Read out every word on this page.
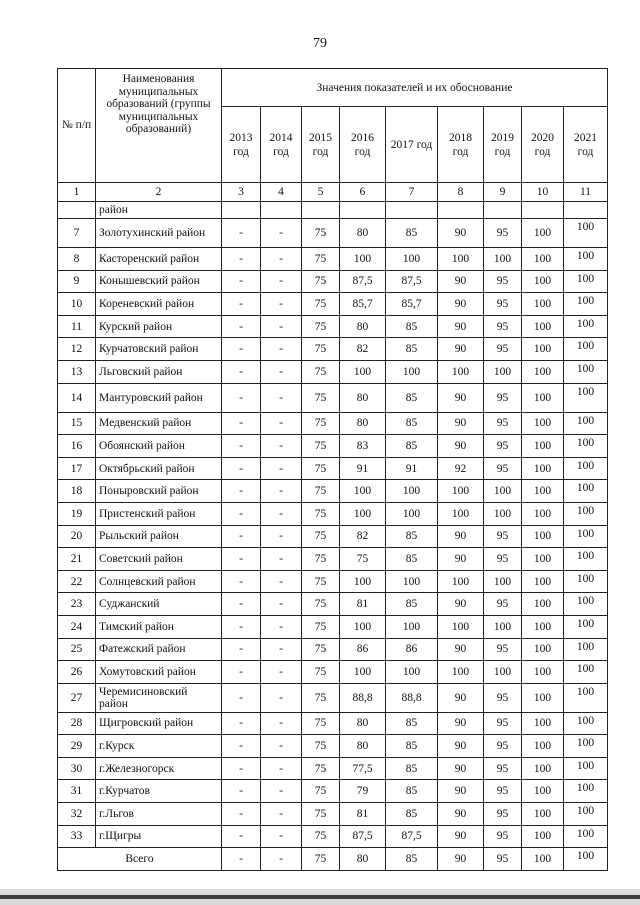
79
№ п/п	Наименования муниципальных образований (группы муниципальных образований)	Значения показателей и их обоснование								
		2013 год	2014 год	2015 год	2016 год	2017 год	2018 год	2019 год	2020 год	2021 год
1	2	3	4	5	6	7	8	9	10	11
	район									
7	Золотухинский район	-	-	75	80	85	90	95	100	100
8	Касторенский район	-	-	75	100	100	100	100	100	100
9	Конышевский район	-	-	75	87,5	87,5	90	95	100	100
10	Кореневский район	-	-	75	85,7	85,7	90	95	100	100
11	Курский район	-	-	75	80	85	90	95	100	100
12	Курчатовский район	-	-	75	82	85	90	95	100	100
13	Льговский район	-	-	75	100	100	100	100	100	100
14	Мантуровский район	-	-	75	80	85	90	95	100	100
15	Медвенский район	-	-	75	80	85	90	95	100	100
16	Обоянский район	-	-	75	83	85	90	95	100	100
17	Октябрьский район	-	-	75	91	91	92	95	100	100
18	Поныровский район	-	-	75	100	100	100	100	100	100
19	Пристенский район	-	-	75	100	100	100	100	100	100
20	Рыльский район	-	-	75	82	85	90	95	100	100
21	Советский район	-	-	75	75	85	90	95	100	100
22	Солнцевский район	-	-	75	100	100	100	100	100	100
23	Суджанский	-	-	75	81	85	90	95	100	100
24	Тимский район	-	-	75	100	100	100	100	100	100
25	Фатежский район	-	-	75	86	86	90	95	100	100
26	Хомутовский район	-	-	75	100	100	100	100	100	100
27	Черемисиновский район	-	-	75	88,8	88,8	90	95	100	100
28	Щигровский район	-	-	75	80	85	90	95	100	100
29	г.Курск	-	-	75	80	85	90	95	100	100
30	г.Железногорск	-	-	75	77,5	85	90	95	100	100
31	г.Курчатов	-	-	75	79	85	90	95	100	100
32	г.Льгов	-	-	75	81	85	90	95	100	100
33	г.Щигры	-	-	75	87,5	87,5	90	95	100	100
Всего		-	-	75	80	85	90	95	100	100
